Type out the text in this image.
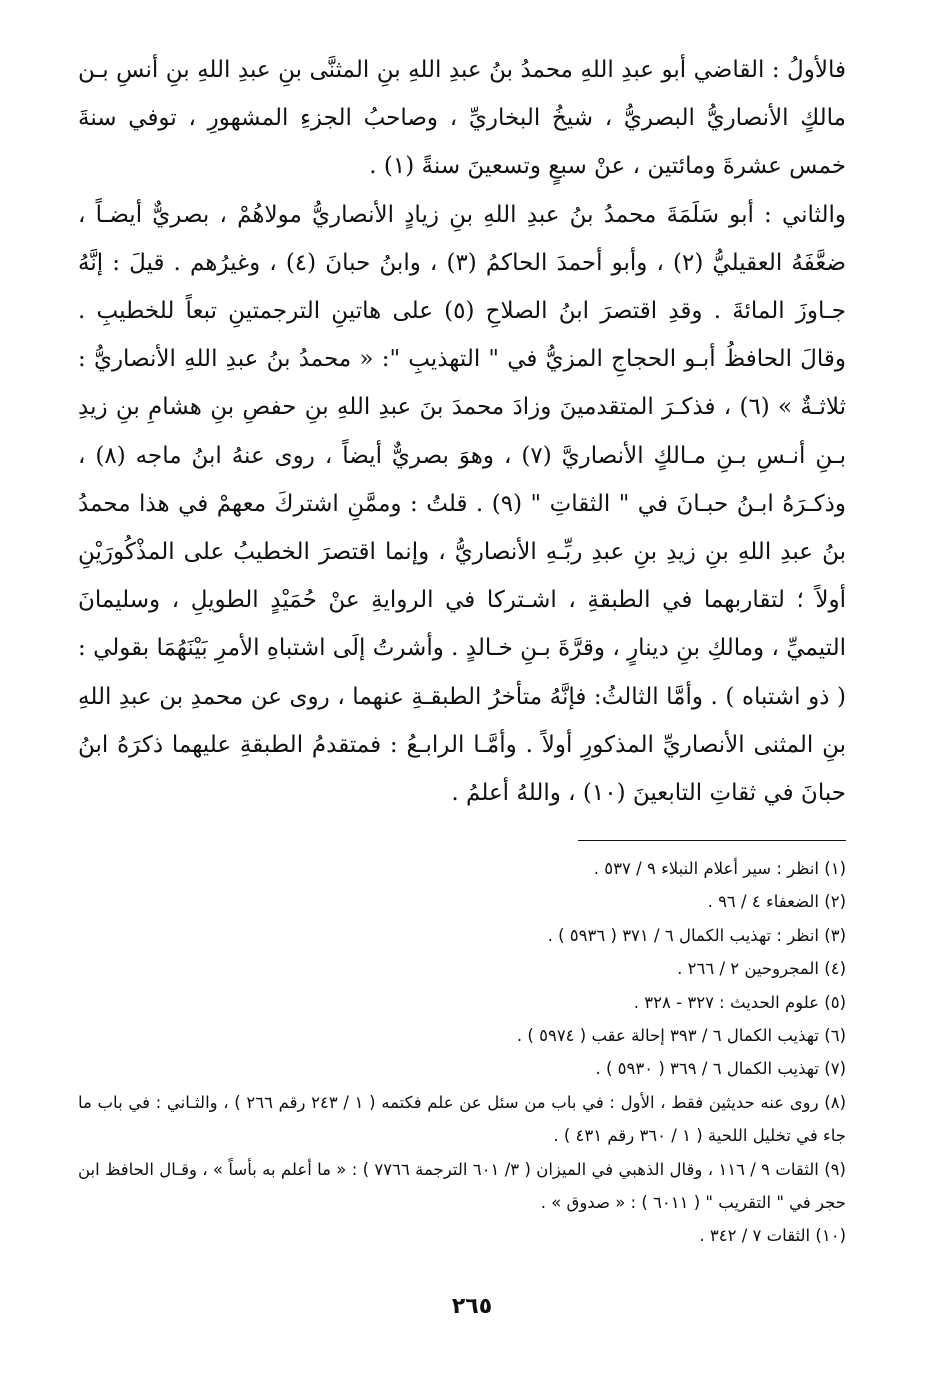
فالأولُ : القاضي أبو عبدِ اللهِ محمدُ بنُ عبدِ اللهِ بنِ المثنَّى بنِ عبدِ اللهِ بنِ أنسِ بـن مالكٍ الأنصاريُّ البصريُّ ، شيخُ البخاريِّ ، وصاحبُ الجزءِ المشهورِ ، توفي سنةَ خمس عشرةَ ومائتين ، عنْ سبعٍ وتسعينَ سنةً (١) .

والثاني : أبو سَلَمَةَ محمدُ بنُ عبدِ اللهِ بنِ زيادٍ الأنصاريُّ مولاهُمْ ، بصريٌّ أيضـاً ، ضعَّفَهُ العقيليُّ (٢) ، وأبو أحمدَ الحاكمُ (٣) ، وابنُ حبانَ (٤) ، وغيرُهم . قيلَ : إنَّهُ جـاوزَ المائةَ . وقدِ اقتصرَ ابنُ الصلاحِ (٥) على هاتينِ الترجمتينِ تبعاً للخطيبِ . وقالَ الحافظُ أبـو الحجاجِ المزيُّ في " التهذيبِ ": « محمدُ بنُ عبدِ اللهِ الأنصاريُّ : ثلاثـةٌ » (٦) ، فذكـرَ المتقدمينَ وزادَ محمدَ بنَ عبدِ اللهِ بنِ حفصِ بنِ هشامِ بنِ زيدِ بـنِ أنـسِ بـنِ مـالكٍ الأنصاريَّ (٧) ، وهوَ بصريٌّ أيضاً ، روى عنهُ ابنُ ماجه (٨) ، وذكـرَهُ ابـنُ حبـانَ في " الثقاتِ " (٩) . قلتُ : وممَّنِ اشتركَ معهمْ في هذا محمدُ بنُ عبدِ اللهِ بنِ زيدِ بنِ عبدِ ربِّـهِ الأنصاريُّ ، وإنما اقتصرَ الخطيبُ على المذْكُورَيْنِ أولاً ؛ لتقاربهما في الطبقةِ ، اشـتركا في الروايةِ عنْ حُمَيْدٍ الطويلِ ، وسليمانَ التيميِّ ، ومالكِ بنِ دينارٍ ، وقرَّةَ بـنِ خـالدٍ . وأشرتُ إلَى اشتباهِ الأمرِ بَيْنَهُمَا بقولي : ( ذو اشتباه ) . وأمَّا الثالثُ: فإنَّهُ متأخرُ الطبقـةِ عنهما ، روى عن محمدِ بن عبدِ اللهِ بنِ المثنى الأنصاريِّ المذكورِ أولاً . وأمَّـا الرابـعُ : فمتقدمُ الطبقةِ عليهما ذكرَهُ ابنُ حبانَ في ثقاتِ التابعينَ (١٠) ، واللهُ أعلمُ .

(١) انظر : سير أعلام النبلاء ٩ / ٥٣٧ .
(٢) الضعفاء ٤ / ٩٦ .
(٣) انظر : تهذيب الكمال ٦ / ٣٧١ ( ٥٩٣٦ ) .
(٤) المجروحين ٢ / ٢٦٦ .
(٥) علوم الحديث : ٣٢٧ - ٣٢٨ .
(٦) تهذيب الكمال ٦ / ٣٩٣ إحالة عقب ( ٥٩٧٤ ) .
(٧) تهذيب الكمال ٦ / ٣٦٩ ( ٥٩٣٠ ) .
(٨) روى عنه حديثين فقط ، الأول : في باب من سئل عن علم فكتمه ( ١ / ٢٤٣ رقم ٢٦٦ ) ، والثـاني : في باب ما جاء في تخليل اللحية ( ١ / ٣٦٠ رقم ٤٣١ ) .
(٩) الثقات ٩ / ١١٦ ، وقال الذهبي في الميزان ( ٣/ ٦٠١ الترجمة ٧٧٦٦ ) : « ما أعلم به بأساً » ، وقـال الحافظ ابن حجر في " التقريب " ( ٦٠١١ ) : « صدوق » .
(١٠) الثقات ٧ / ٣٤٢ .
٢٦٥
